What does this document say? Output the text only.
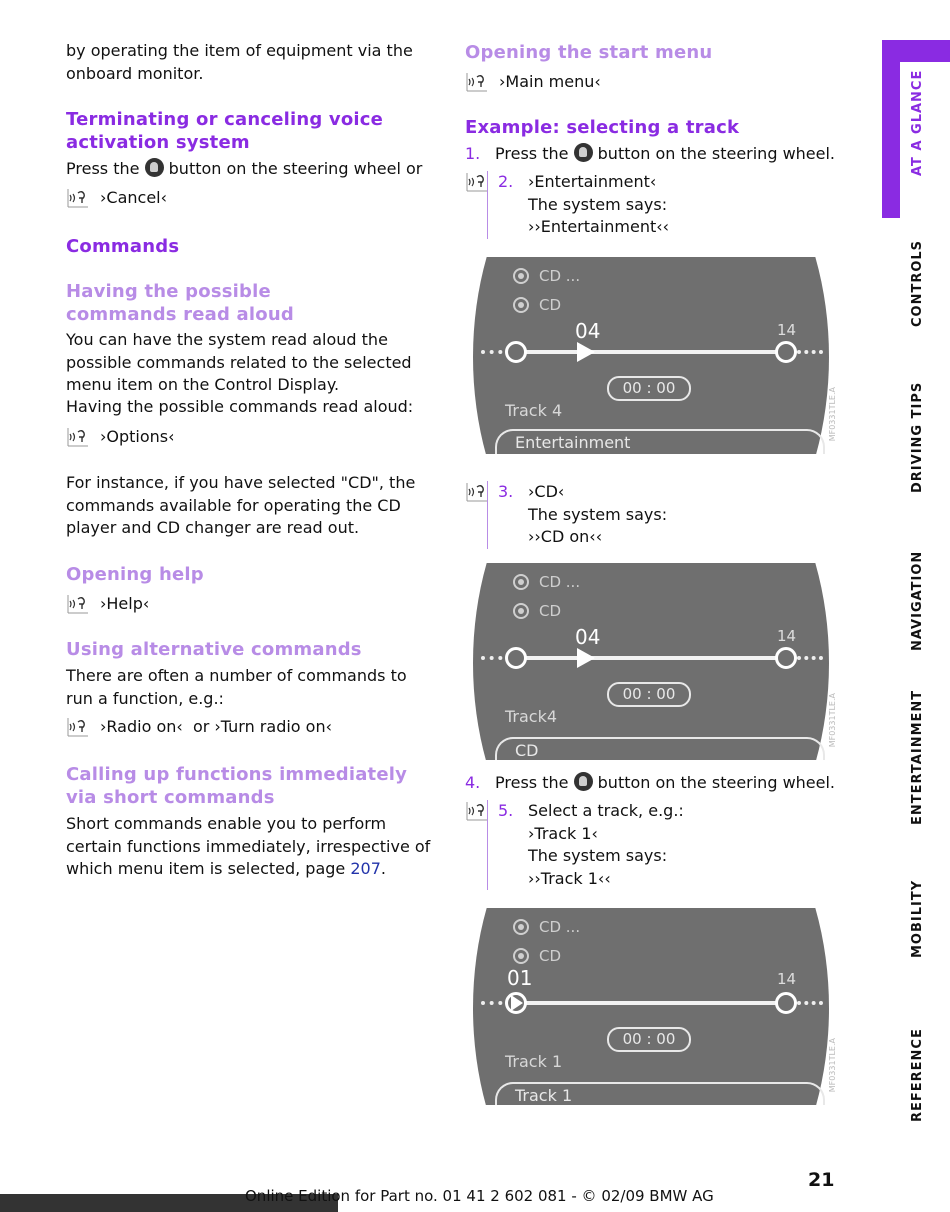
by operating the item of equipment via the onboard monitor.
Terminating or canceling voice activation system
Press the button on the steering wheel or
›Cancel‹
Commands
Having the possible commands read aloud
You can have the system read aloud the possible commands related to the selected menu item on the Control Display.
Having the possible commands read aloud:
›Options‹
For instance, if you have selected "CD", the commands available for operating the CD player and CD changer are read out.
Opening help
›Help‹
Using alternative commands
There are often a number of commands to run a function, e.g.:
›Radio on‹  or ›Turn radio on‹
Calling up functions immediately via short commands
Short commands enable you to perform certain functions immediately, irrespective of which menu item is selected, page 207.
Opening the start menu
›Main menu‹
Example: selecting a track
1. Press the button on the steering wheel.
2. ›Entertainment‹
The system says:
››Entertainment‹‹
CD ...
CD
04	14
00 : 00
Track 4
Entertainment
MF0331TLE.A
3. ›CD‹
The system says:
››CD on‹‹
CD ...
CD
04	14
00 : 00
Track4
CD
MF0331TLE.A
4. Press the button on the steering wheel.
5. Select a track, e.g.:
›Track 1‹
The system says:
››Track 1‹‹
CD ...
CD
01	14
00 : 00
Track 1
Track 1
MF0331TLE.A
AT A GLANCE
CONTROLS
DRIVING TIPS
NAVIGATION
ENTERTAINMENT
MOBILITY
REFERENCE
21
Online Edition for Part no. 01 41 2 602 081 - © 02/09 BMW AG
